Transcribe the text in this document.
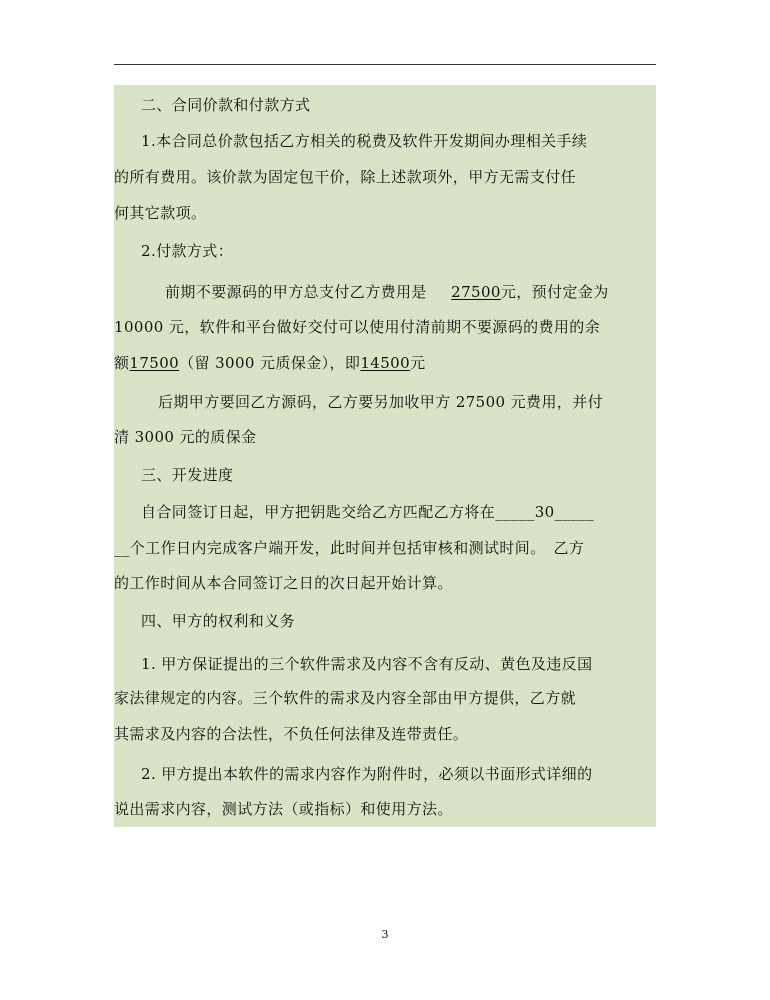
二、合同价款和付款方式
1.本合同总价款包括乙方相关的税费及软件开发期间办理相关手续
的所有费用。该价款为固定包干价，除上述款项外，甲方无需支付任
何其它款项。
2.付款方式：
前期不要源码的甲方总支付乙方费用是 27500元，预付定金为
10000 元，软件和平台做好交付可以使用付清前期不要源码的费用的余
额17500（留 3000 元质保金），即14500元
后期甲方要回乙方源码，乙方要另加收甲方 27500 元费用，并付
清 3000 元的质保金
三、开发进度
自合同签订日起，甲方把钥匙交给乙方匹配乙方将在_____30_____
__个工作日内完成客户端开发，此时间并包括审核和测试时间。　乙方
的工作时间从本合同签订之日的次日起开始计算。
四、甲方的权利和义务
1. 甲方保证提出的三个软件需求及内容不含有反动、黄色及违反国
家法律规定的内容。三个软件的需求及内容全部由甲方提供，乙方就
其需求及内容的合法性，不负任何法律及连带责任。
2. 甲方提出本软件的需求内容作为附件时，必须以书面形式详细的
说出需求内容，测试方法（或指标）和使用方法。
3
